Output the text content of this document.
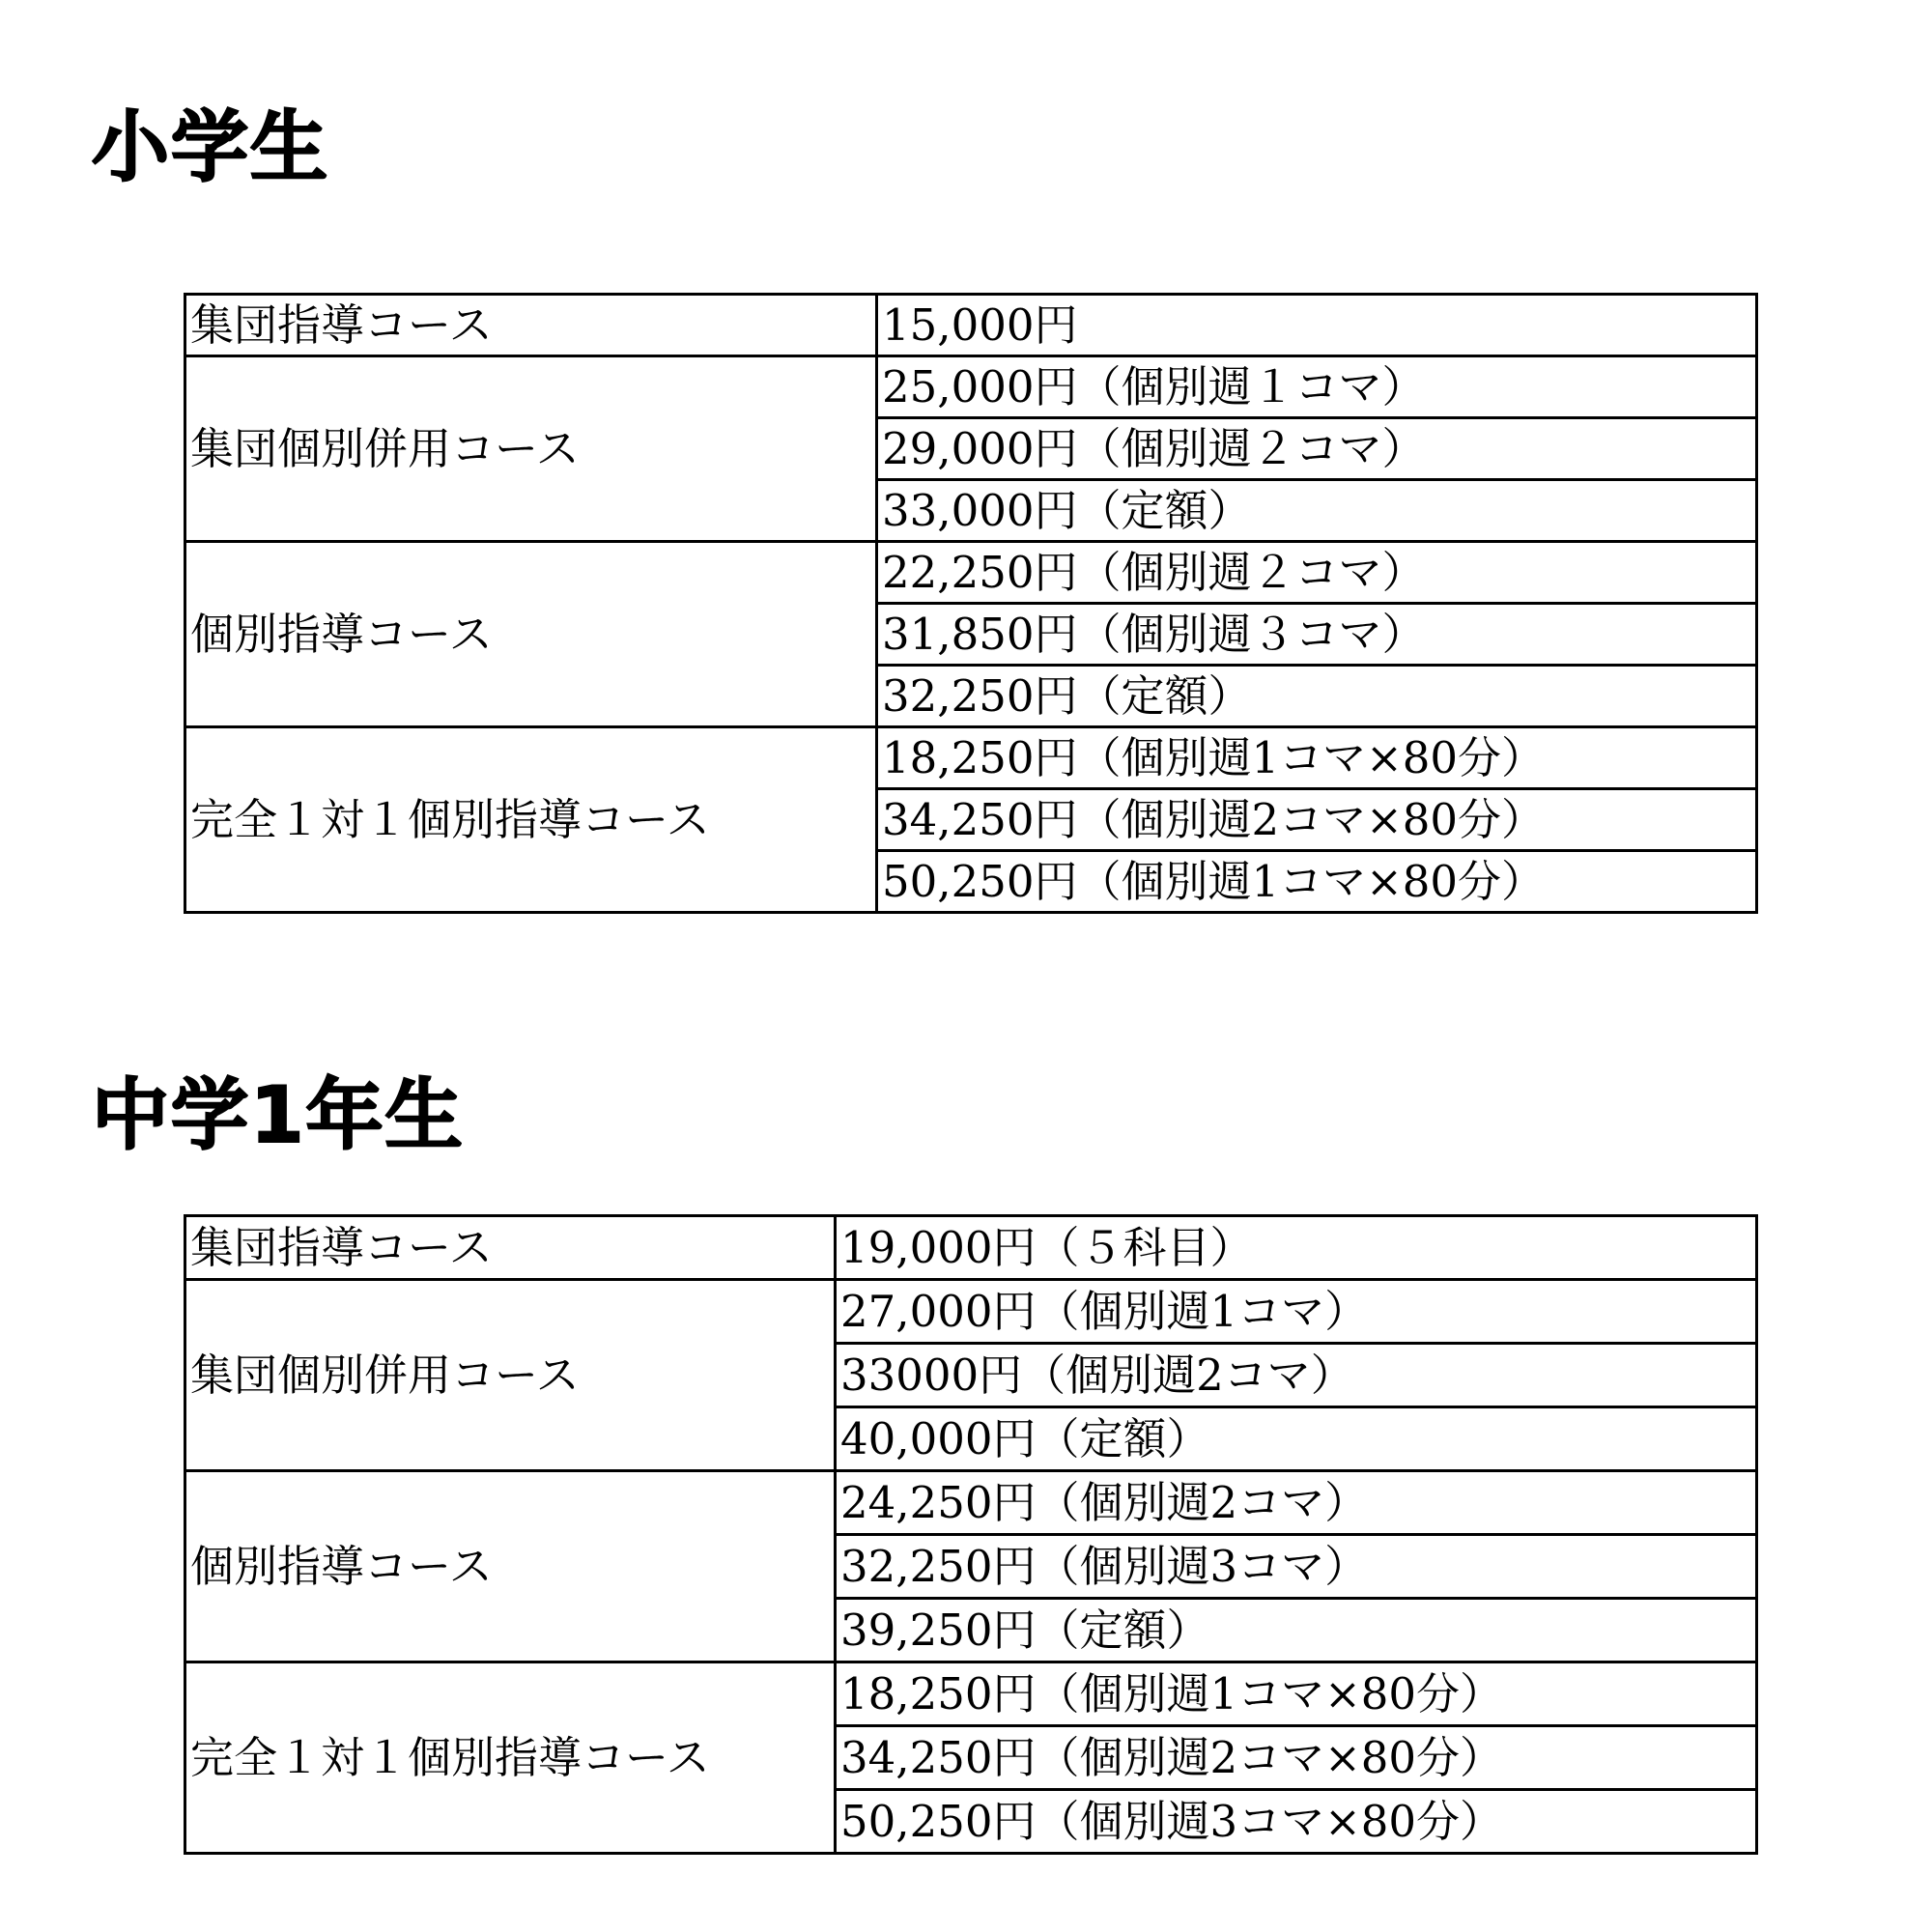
小学生
集団指導コース	15,000円
集団個別併用コース	25,000円（個別週１コマ）
	29,000円（個別週２コマ）
	33,000円（定額）
個別指導コース	22,250円（個別週２コマ）
	31,850円（個別週３コマ）
	32,250円（定額）
完全１対１個別指導コース	18,250円（個別週1コマ×80分）
	34,250円（個別週2コマ×80分）
	50,250円（個別週1コマ×80分）
中学1年生
集団指導コース	19,000円（５科目）
集団個別併用コース	27,000円（個別週1コマ）
	33000円（個別週2コマ）
	40,000円（定額）
個別指導コース	24,250円（個別週2コマ）
	32,250円（個別週3コマ）
	39,250円（定額）
完全１対１個別指導コース	18,250円（個別週1コマ×80分）
	34,250円（個別週2コマ×80分）
	50,250円（個別週3コマ×80分）
